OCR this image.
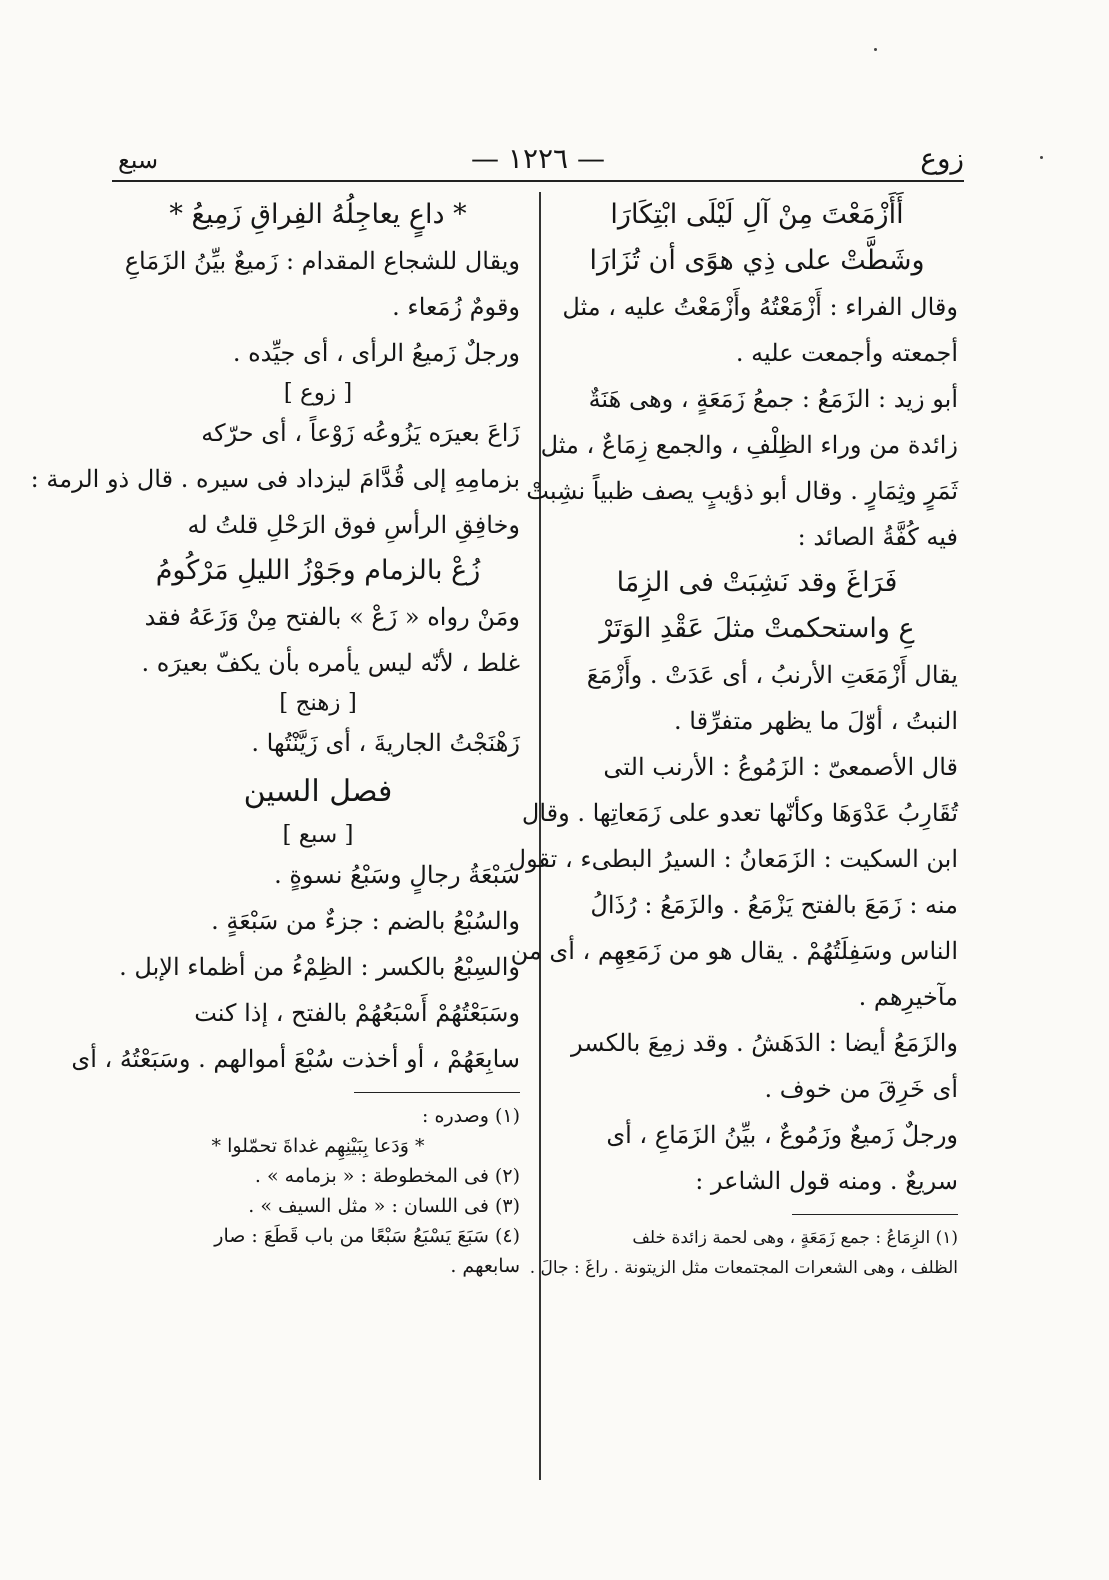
زوع
— ١٢٢٦ —
سبع
أَأَزْمَعْتَ مِنْ آلِ لَيْلَى ابْتِكَارَا
وشَطَّتْ على ذِي هوًى أن تُزَارَا
وقال الفراء : أَزْمَعْتُهُ وأَزْمَعْتُ عليه ، مثل
أجمعته وأجمعت عليه .
أبو زيد : الزَمَعُ : جمعُ زَمَعَةٍ ، وهى هَنَةٌ
زائدة من وراء الظِلْفِ ، والجمع زِمَاعٌ ، مثل
ثَمَرٍ وثِمَارٍ . وقال أبو ذؤيبٍ يصف ظبياً نشِبتْ
فيه كُفَّةُ الصائد :
فَرَاغَ وقد نَشِبَتْ فى الزِمَا
عِ واستحكمتْ مثلَ عَقْدِ الوَتَرْ
يقال أَزْمَعَتِ الأرنبُ ، أى عَدَتْ . وأَزْمَعَ
النبتُ ، أوّلَ ما يظهر متفرِّقا .
قال الأصمعىّ : الزَمُوعُ : الأرنب التى
تُقَارِبُ عَدْوَهَا وكأنّها تعدو على زَمَعاتِها . وقال
ابن السكيت : الزَمَعانُ : السيرُ البطىء ، تقول
منه : زَمَعَ بالفتح يَزْمَعُ . والزَمَعُ : رُذَالُ
الناس وسَفِلَتُهُمْ . يقال هو من زَمَعِهِم ، أى من
مآخيرِهم .
والزَمَعُ أيضا : الدَهَشُ . وقد زمِعَ بالكسر
أى خَرِقَ من خوف .
ورجلٌ زَميعٌ وزَمُوعٌ ، بيِّنُ الزَمَاعِ ، أى
سريعٌ . ومنه قول الشاعر :
(١) الزِمَاعُ : جمع زَمَعَةٍ ، وهى لحمة زائدة خلف
الظلف ، وهى الشعرات المجتمعات مثل الزيتونة . راغَ : جالَ .
* داعٍ يعاجِلُهُ الفِراقِ زَمِيعُ *
ويقال للشجاع المقدام : زَميعٌ بيِّنُ الزَمَاعِ
وقومٌ زُمَعاء .
ورجلٌ زَميعُ الرأى ، أى جيِّده .
[ زوع ]
زَاعَ بعيرَه يَزُوعُه زَوْعاً ، أى حرّكه
بزمامِهِ إلى قُدَّامَ ليزداد فى سيره . قال ذو الرمة :
وخافِقِ الرأسِ فوق الرَحْلِ قلتُ له
زُعْ بالزمام وجَوْزُ الليلِ مَرْكُومُ
ومَنْ رواه « زَعْ » بالفتح مِنْ وَزَعَهُ فقد
غلط ، لأنّه ليس يأمره بأن يكفّ بعيرَه .
[ زهنج ]
زَهْنَجْتُ الجاريةَ ، أى زَيَّنْتُها .
فصل السين
[ سبع ]
سَبْعَةُ رجالٍ وسَبْعُ نسوةٍ .
والسُبْعُ بالضم : جزءٌ من سَبْعَةٍ .
والسِبْعُ بالكسر : الظِمْءُ من أظماء الإبل .
وسَبَعْتُهُمْ أَسْبَعُهُمْ بالفتح ، إذا كنت
سابِعَهُمْ ، أو أخذت سُبْعَ أموالهم . وسَبَعْتُهُ ، أى
(١) وصدره :
* وَدَعا بِبَيْنِهِم غداةَ تحمّلوا *
(٢) فى المخطوطة : « بزمامه » .
(٣) فى اللسان : « مثل السيف » .
(٤) سَبَعَ يَسْبَعُ سَبْعًا من باب قَطَعَ : صار
سابعهم .
